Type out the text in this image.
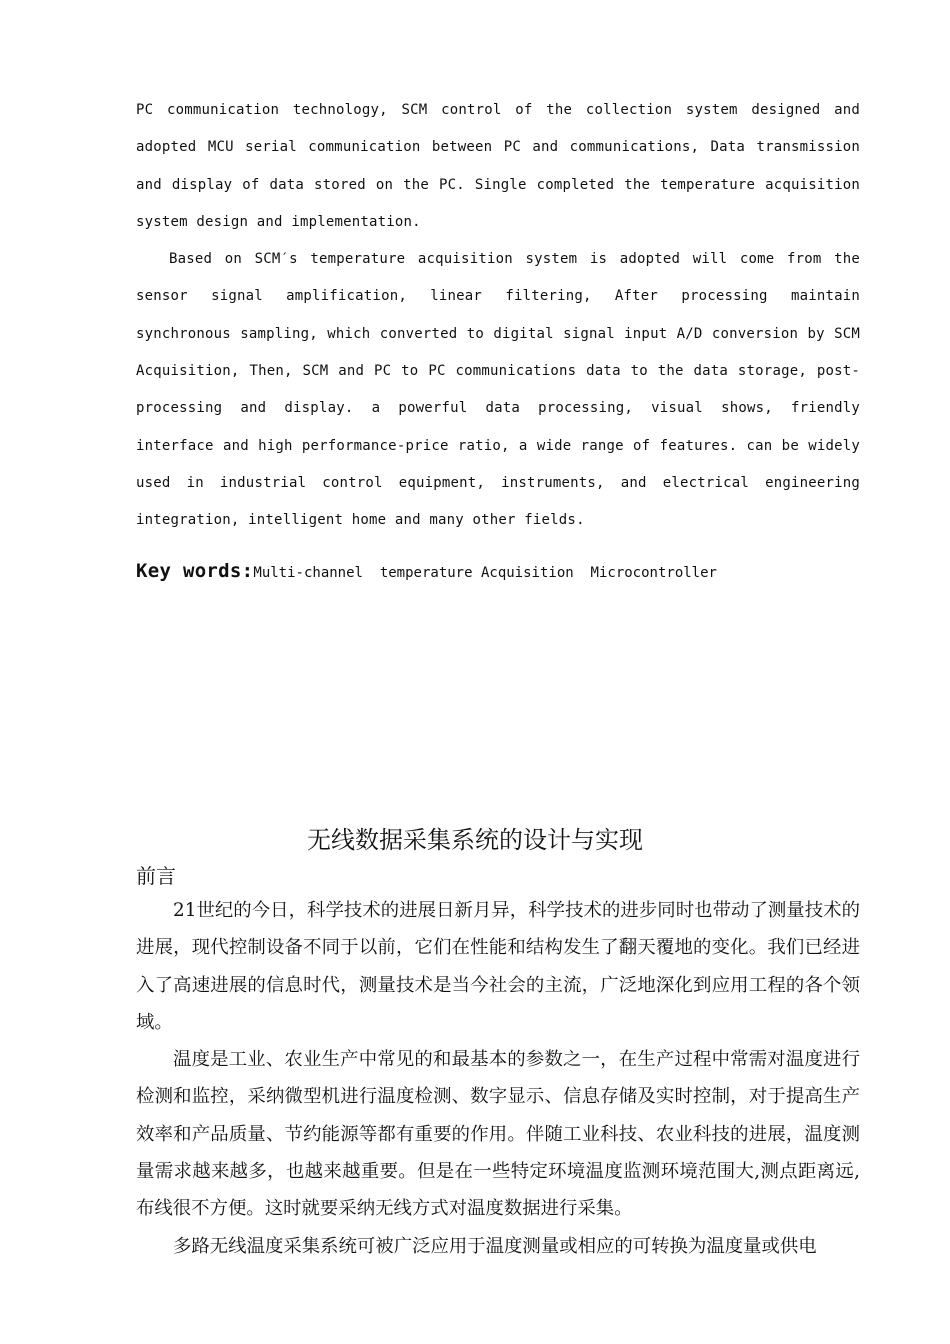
PC communication technology, SCM control of the collection system designed and adopted MCU serial communication between PC and communications, Data transmission and display of data stored on the PC. Single completed the temperature acquisition system design and implementation.

Based on SCM′s temperature acquisition system is adopted will come from the sensor signal amplification, linear filtering, After processing maintain synchronous sampling, which converted to digital signal input A/D conversion by SCM Acquisition, Then, SCM and PC to PC communications data to the data storage, post-processing and display. a powerful data processing, visual shows, friendly interface and high performance-price ratio, a wide range of features. can be widely used in industrial control equipment, instruments, and electrical engineering integration, intelligent home and many other fields.

Key words:Multi-channel  temperature Acquisition  Microcontroller
无线数据采集系统的设计与实现
前言

21世纪的今日，科学技术的进展日新月异，科学技术的进步同时也带动了测量技术的进展，现代控制设备不同于以前，它们在性能和结构发生了翻天覆地的变化。我们已经进入了高速进展的信息时代，测量技术是当今社会的主流，广泛地深化到应用工程的各个领域。

温度是工业、农业生产中常见的和最基本的参数之一，在生产过程中常需对温度进行检测和监控，采纳微型机进行温度检测、数字显示、信息存储及实时控制，对于提高生产效率和产品质量、节约能源等都有重要的作用。伴随工业科技、农业科技的进展，温度测量需求越来越多，也越来越重要。但是在一些特定环境温度监测环境范围大,测点距离远,布线很不方便。这时就要采纳无线方式对温度数据进行采集。

多路无线温度采集系统可被广泛应用于温度测量或相应的可转换为温度量或供电
